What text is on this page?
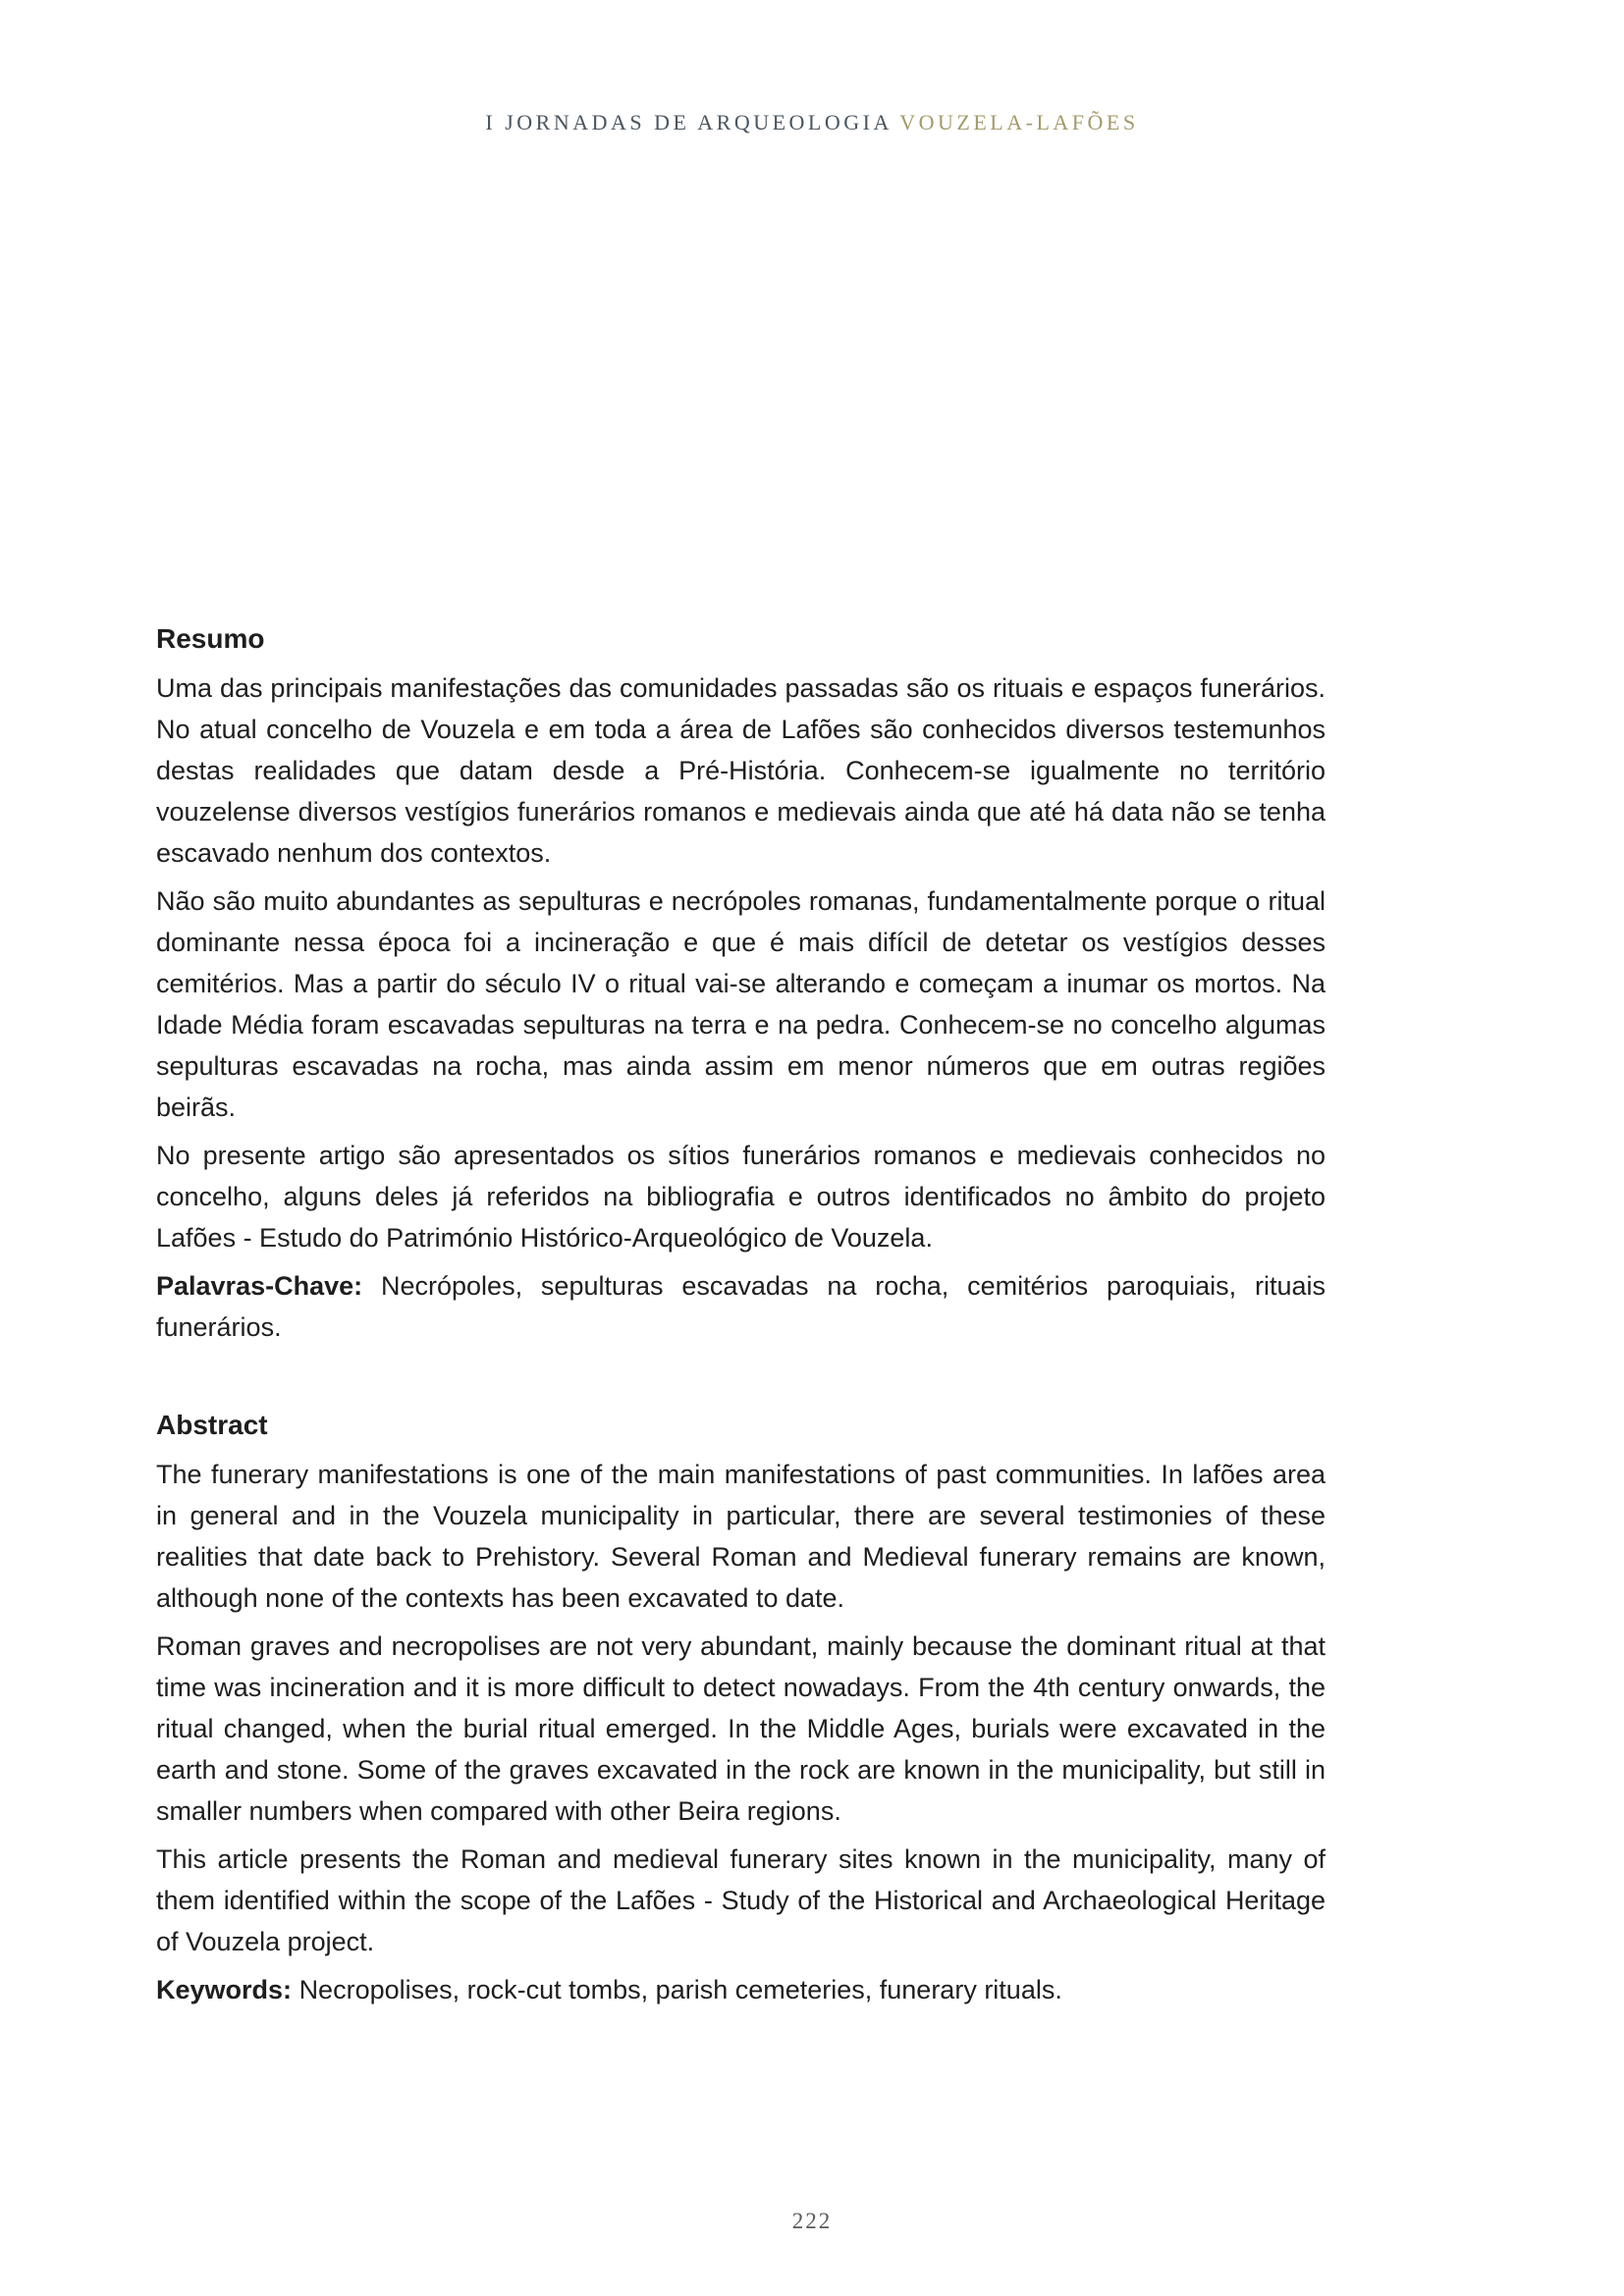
I JORNADAS DE ARQUEOLOGIA VOUZELA-LAFÕES
Resumo

Uma das principais manifestações das comunidades passadas são os rituais e espaços funerários. No atual concelho de Vouzela e em toda a área de Lafões são conhecidos diversos testemunhos destas realidades que datam desde a Pré-História. Conhecem-se igualmente no território vouzelense diversos vestígios funerários romanos e medievais ainda que até há data não se tenha escavado nenhum dos contextos.

Não são muito abundantes as sepulturas e necrópoles romanas, fundamentalmente porque o ritual dominante nessa época foi a incineração e que é mais difícil de detetar os vestígios desses cemitérios. Mas a partir do século IV o ritual vai-se alterando e começam a inumar os mortos. Na Idade Média foram escavadas sepulturas na terra e na pedra. Conhecem-se no concelho algumas sepulturas escavadas na rocha, mas ainda assim em menor números que em outras regiões beirãs.

No presente artigo são apresentados os sítios funerários romanos e medievais conhecidos no concelho, alguns deles já referidos na bibliografia e outros identificados no âmbito do projeto Lafões - Estudo do Património Histórico-Arqueológico de Vouzela.

Palavras-Chave: Necrópoles, sepulturas escavadas na rocha, cemitérios paroquiais, rituais funerários.

Abstract

The funerary manifestations is one of the main manifestations of past communities. In lafões area in general and in the Vouzela municipality in particular, there are several testimonies of these realities that date back to Prehistory. Several Roman and Medieval funerary remains are known, although none of the contexts has been excavated to date.

Roman graves and necropolises are not very abundant, mainly because the dominant ritual at that time was incineration and it is more difficult to detect nowadays. From the 4th century onwards, the ritual changed, when the burial ritual emerged. In the Middle Ages, burials were excavated in the earth and stone. Some of the graves excavated in the rock are known in the municipality, but still in smaller numbers when compared with other Beira regions.

This article presents the Roman and medieval funerary sites known in the municipality, many of them identified within the scope of the Lafões - Study of the Historical and Archaeological Heritage of Vouzela project.

Keywords: Necropolises, rock-cut tombs, parish cemeteries, funerary rituals.

222
